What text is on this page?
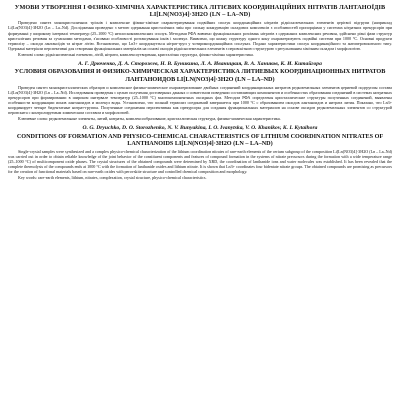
УМОВИ УТВОРЕННЯ І ФІЗИКО-ХІМІЧНА ХАРАКТЕРИСТИКА ЛІТІЄВИХ КООРДИНАЦІЙНИХ НІТРАТІВ ЛАНТАНОЇДІВ LI[LN(NO3)4]·3H2O (LN – LA–ND)

Проведено синтез монокристаличних тріснів і комплексне фізико-хімічне охарактеризування подвійних сполук координаційних нітратів рідкісноземельних елементів церієвої підгрупи (наприклад Li[Ln(NO3)4]·3H2O (Ln – La–Nd). Дослідження проведено з метою одержання кристалічних змін про сильну конкуренцію складових комплексів з особливостей пропорціями у системах нітратних прекурсорів при формуванні у широкому інтервалі температур (25–1000 °С) неплоскокомплексних сполук. Методами РФА вивчено функціональних розсівань нітратів з одержаних комплексних речовин, здійснено різні фази структур кристалітних речовин за сучасними методами, з'ясовано особливості розташування іонів і молекул. Виявлено, що кожну структуру одного кону охарактеризують подвійні системи при 1000 °С. Основні продукти термолізу – оксиди лантаноїдів та нітрат літію. Встановлено, що Ln3+ координується нітрат-груп у чотирикоординаційних сполуках. Подано характеристики сполук координаційного та антиперовскитного типу. Одержані матеріали перспективні для створення функціональних матеріалів на основі оксидів рідкісноземельних елементів з перовскітною структурою з регульованим хімічним складом і морфологією.

Ключові слова: рідкісноземельні елементи, літій, нітрати, комплексоутворення, кристалічна структура, фізико-хімічна характеристика.

А. Г. Дрюченко, Д. А. Сторожев, Н. В. Буникина, Л. А. Иваницкая, В. А. Хаников, К. И. Китайгора
УСЛОВИЯ ОБРАЗОВАНИЯ И ФИЗИКО-ХИМИЧЕСКАЯ ХАРАКТЕРИСТИКА ЛИТИЕВЫХ КООРДИНАЦИОННЫХ НИТРАТОВ ЛАНТАНОИДОВ LI[LN(NO3)4]·3H2O (LN – LA–ND)

Проведен синтез монокристаллических образцов и комплексное физико-химическое охарактеризование двойных соединений координационных нитратов редкоземельных элементов цериевой подгруппы состава Li[Ln(NO3)4]·3H2O (Ln – La–Nd). Исследования проведены с целью получения достоверных данных о совместном поведении составляющих компонентов и особенностях образования соединений в системах нитратных прекурсоров при формировании в широком интервале температур (25–1000 °С) многокомпонентных оксидных фаз. Методом РФА определены кристаллические структуры полученных соединений, выявлены особенности координации ионов лантаноидов и молекул воды. Установлено, что полный термолиз соединений завершается при 1000 °С с образованием оксидов лантаноидов и нитрата лития. Показано, что Ln3+ координирует четыре бидентатные нитрат-группы. Полученные соединения перспективны как прекурсоры для создания функциональных материалов на основе оксидов редкоземельных элементов со структурой перовскита с контролируемым химическим составом и морфологией.

Ключевые слова: редкоземельные элементы, литий, нитраты, комплексообразование, кристаллическая структура, физико-химическая характеристика.

O. G. Dryuchko, D. O. Storozhenko, N. V. Bunyakina, I. O. Ivanytska, V. O. Khanikov, K. I. Kytaihora
CONDITIONS OF FORMATION AND PHYSICO-CHEMICAL CHARACTERISTICS OF LITHIUM COORDINATION NITRATES OF LANTHANOIDS LI[LN(NO3)4]·3H2O (LN – LA–ND)

Single-crystal samples were synthesized and a complex physico-chemical characterization of the lithium coordination nitrates of rare-earth elements of the cerium subgroup of the composition Li[Ln(NO3)4]·3H2O (Ln – La–Nd) was carried out in order to obtain reliable knowledge of the joint behavior of the constituent components and features of compound formation in the systems of nitrate precursors during the formation with a wide temperature range (25–1000 °C) of multicomponent oxide phases. The crystal structures of the obtained compounds were determined by XRD, the coordination of lanthanide ions and water molecules was established. It has been revealed that the complete thermolysis of the compounds ends at 1000 °C with the formation of lanthanide oxides and lithium nitrate. It is shown that Ln3+ coordinates four bidentate nitrate groups. The obtained compounds are promising as precursors for the creation of functional materials based on rare-earth oxides with perovskite structure and controlled chemical composition and morphology.

Key words: rare-earth elements, lithium, nitrates, complexation, crystal structure, physico-chemical characteristics.
